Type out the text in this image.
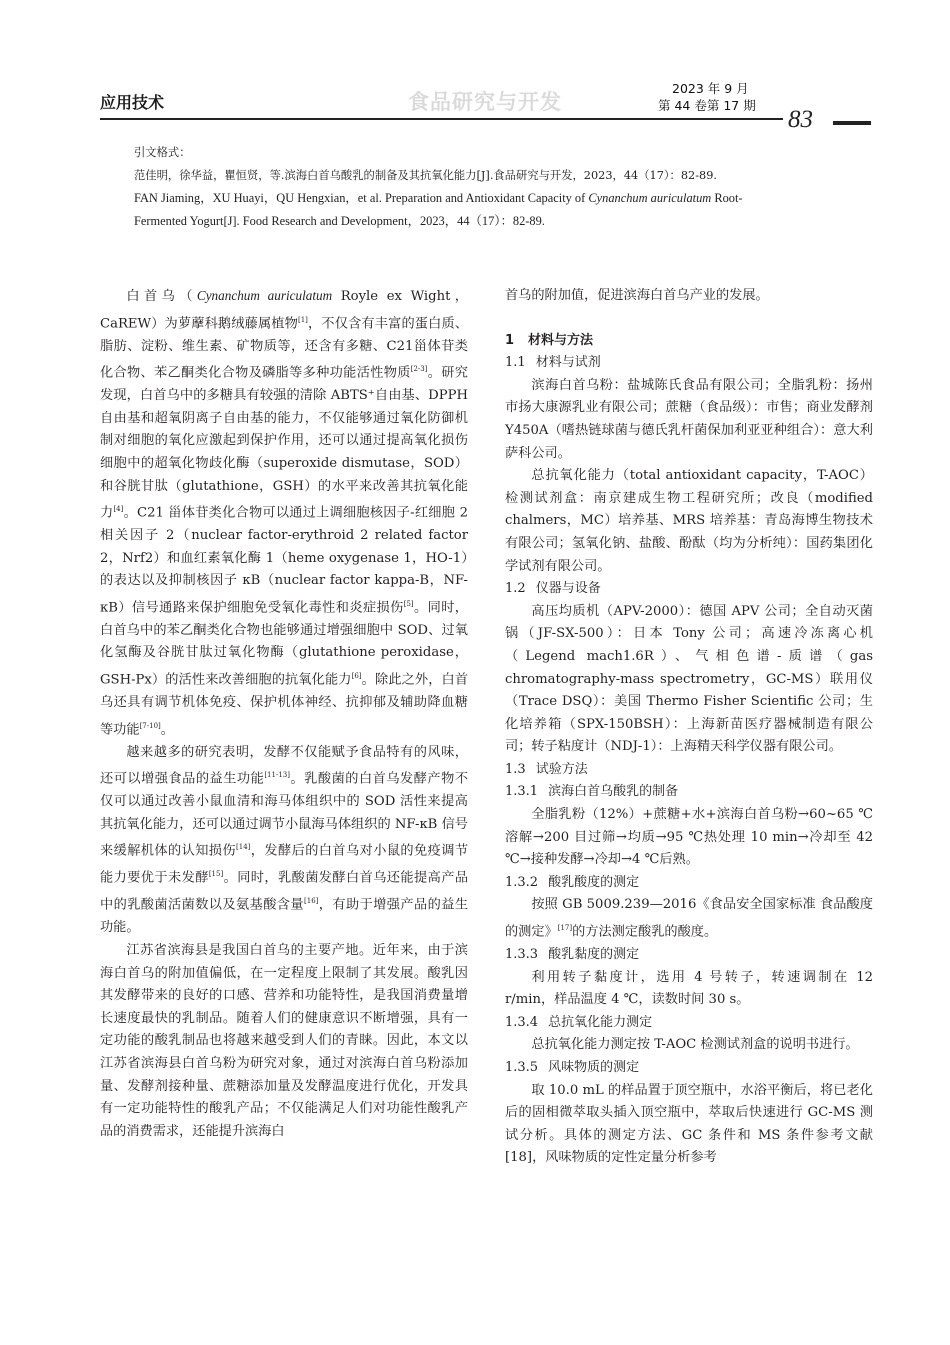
应用技术	食品研究与开发
2023 年 9 月
第 44 卷第 17 期
83
引文格式：
范佳明，徐华益，瞿恒贤，等.滨海白首乌酸乳的制备及其抗氧化能力[J].食品研究与开发，2023，44（17）：82-89.
FAN Jiaming，XU Huayi，QU Hengxian，et al. Preparation and Antioxidant Capacity of Cynanchum auriculatum Root-
Fermented Yogurt[J]. Food Research and Development，2023，44（17）：82-89.

白首乌（Cynanchum auriculatum Royle ex Wight，CaREW）为萝藦科鹅绒藤属植物[1]，不仅含有丰富的蛋白质、脂肪、淀粉、维生素、矿物质等，还含有多糖、C21甾体苷类化合物、苯乙酮类化合物及磷脂等多种功能活性物质[2-3]。研究发现，白首乌中的多糖具有较强的清除 ABTS⁺自由基、DPPH 自由基和超氧阴离子自由基的能力，不仅能够通过氧化防御机制对细胞的氧化应激起到保护作用，还可以通过提高氧化损伤细胞中的超氧化物歧化酶（superoxide dismutase，SOD）和谷胱甘肽（glutathione，GSH）的水平来改善其抗氧化能力[4]。C21 甾体苷类化合物可以通过上调细胞核因子-红细胞 2 相关因子 2（nuclear factor-erythroid 2 related factor 2，Nrf2）和血红素氧化酶 1（heme oxygenase 1，HO-1）的表达以及抑制核因子 κB（nuclear factor kappa-B，NF-κB）信号通路来保护细胞免受氧化毒性和炎症损伤[5]。同时，白首乌中的苯乙酮类化合物也能够通过增强细胞中 SOD、过氧化氢酶及谷胱甘肽过氧化物酶（glutathione peroxidase，GSH-Px）的活性来改善细胞的抗氧化能力[6]。除此之外，白首乌还具有调节机体免疫、保护机体神经、抗抑郁及辅助降血糖等功能[7-10]。

越来越多的研究表明，发酵不仅能赋予食品特有的风味，还可以增强食品的益生功能[11-13]。乳酸菌的白首乌发酵产物不仅可以通过改善小鼠血清和海马体组织中的 SOD 活性来提高其抗氧化能力，还可以通过调节小鼠海马体组织的 NF-κB 信号来缓解机体的认知损伤[14]，发酵后的白首乌对小鼠的免疫调节能力要优于未发酵[15]。同时，乳酸菌发酵白首乌还能提高产品中的乳酸菌活菌数以及氨基酸含量[16]，有助于增强产品的益生功能。

江苏省滨海县是我国白首乌的主要产地。近年来，由于滨海白首乌的附加值偏低，在一定程度上限制了其发展。酸乳因其发酵带来的良好的口感、营养和功能特性，是我国消费量增长速度最快的乳制品。随着人们的健康意识不断增强，具有一定功能的酸乳制品也将越来越受到人们的青睐。因此，本文以江苏省滨海县白首乌粉为研究对象，通过对滨海白首乌粉添加量、发酵剂接种量、蔗糖添加量及发酵温度进行优化，开发具有一定功能特性的酸乳产品；不仅能满足人们对功能性酸乳产品的消费需求，还能提升滨海白

首乌的附加值，促进滨海白首乌产业的发展。

1 材料与方法
1.1 材料与试剂

滨海白首乌粉：盐城陈氏食品有限公司；全脂乳粉：扬州市扬大康源乳业有限公司；蔗糖（食品级）：市售；商业发酵剂 Y450A（嗜热链球菌与德氏乳杆菌保加利亚亚种组合）：意大利萨科公司。

总抗氧化能力（total antioxidant capacity，T-AOC）检测试剂盒：南京建成生物工程研究所；改良（modified chalmers，MC）培养基、MRS 培养基：青岛海博生物技术有限公司；氢氧化钠、盐酸、酚酞（均为分析纯）：国药集团化学试剂有限公司。

1.2 仪器与设备

高压均质机（APV-2000）：德国 APV 公司；全自动灭菌锅（JF-SX-500）：日本 Tony 公司；高速冷冻离心机（Legend mach1.6R）、气相色谱-质谱（gas chromatography-mass spectrometry，GC-MS）联用仪（Trace DSQ）：美国 Thermo Fisher Scientific 公司；生化培养箱（SPX-150BSH）：上海新苗医疗器械制造有限公司；转子粘度计（NDJ-1）：上海精天科学仪器有限公司。

1.3 试验方法
1.3.1 滨海白首乌酸乳的制备

全脂乳粉（12%）+蔗糖+水+滨海白首乌粉→60~65 ℃溶解→200 目过筛→均质→95 ℃热处理 10 min→冷却至 42 ℃→接种发酵→冷却→4 ℃后熟。

1.3.2 酸乳酸度的测定

按照 GB 5009.239—2016《食品安全国家标准 食品酸度的测定》[17]的方法测定酸乳的酸度。

1.3.3 酸乳黏度的测定

利用转子黏度计，选用 4 号转子，转速调制在 12 r/min，样品温度 4 ℃，读数时间 30 s。

1.3.4 总抗氧化能力测定

总抗氧化能力测定按 T-AOC 检测试剂盒的说明书进行。

1.3.5 风味物质的测定

取 10.0 mL 的样品置于顶空瓶中，水浴平衡后，将已老化后的固相微萃取头插入顶空瓶中，萃取后快速进行 GC-MS 测试分析。具体的测定方法、GC 条件和 MS 条件参考文献[18]，风味物质的定性定量分析参考
